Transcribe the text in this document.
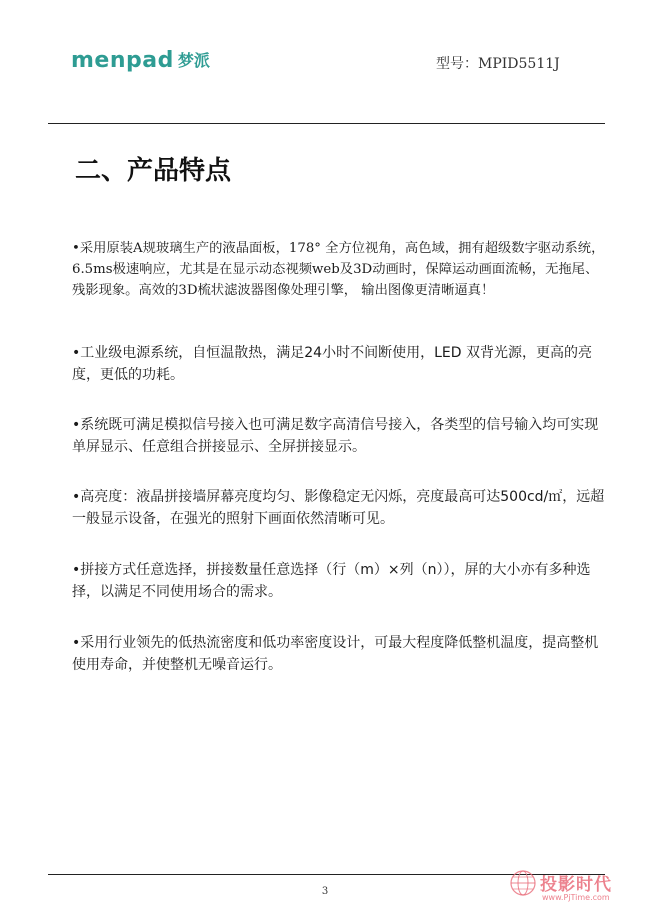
menpad 梦派	型号：MPID5511J
二、产品特点

•采用原装A规玻璃生产的液晶面板，178° 全方位视角，高色域，拥有超级数字驱动系统，6.5ms极速响应，尤其是在显示动态视频web及3D动画时，保障运动画面流畅，无拖尾、残影现象。高效的3D梳状滤波器图像处理引擎， 输出图像更清晰逼真！

•工业级电源系统，自恒温散热，满足24小时不间断使用，LED 双背光源，更高的亮度，更低的功耗。

•系统既可满足模拟信号接入也可满足数字高清信号接入，各类型的信号输入均可实现单屏显示、任意组合拼接显示、全屏拼接显示。

•高亮度：液晶拼接墙屏幕亮度均匀、影像稳定无闪烁，亮度最高可达500cd/㎡，远超一般显示设备，在强光的照射下画面依然清晰可见。

•拼接方式任意选择，拼接数量任意选择（行（m）×列（n）），屏的大小亦有多种选择，以满足不同使用场合的需求。

•采用行业领先的低热流密度和低功率密度设计，可最大程度降低整机温度，提高整机使用寿命，并使整机无噪音运行。

3	投影时代
www.PjTime.com
